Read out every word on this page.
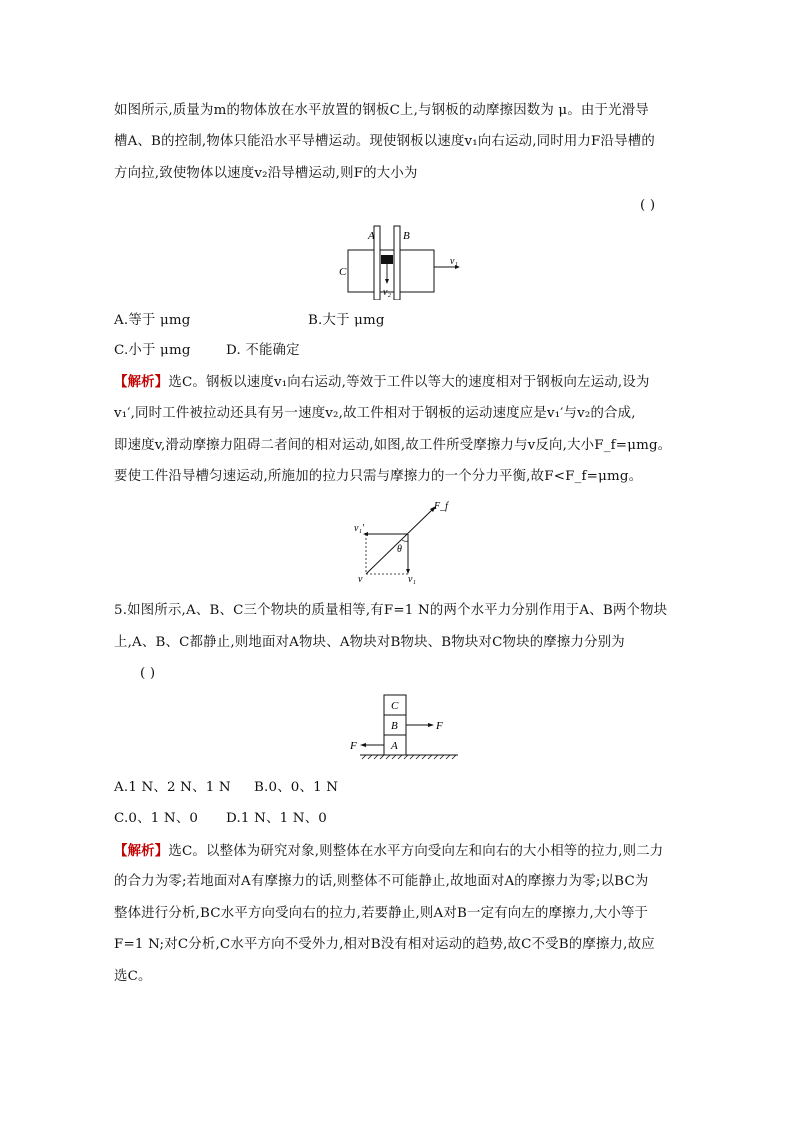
如图所示,质量为m的物体放在水平放置的钢板C上,与钢板的动摩擦因数为 μ。由于光滑导
槽A、B的控制,物体只能沿水平导槽运动。现使钢板以速度v₁向右运动,同时用力F沿导槽的
方向拉,致使物体以速度v₂沿导槽运动,则F的大小为
( )
A	B
C
v₁
v₂
A.等于 μmg	B.大于 μmg
C.小于 μmg	D. 不能确定
【解析】选C。钢板以速度v₁向右运动,等效于工件以等大的速度相对于钢板向左运动,设为
v₁′,同时工件被拉动还具有另一速度v₂,故工件相对于钢板的运动速度应是v₁′与v₂的合成,
即速度v,滑动摩擦力阻碍二者间的相对运动,如图,故工件所受摩擦力与v反向,大小F_f=μmg。
要使工件沿导槽匀速运动,所施加的拉力只需与摩擦力的一个分力平衡,故F<F_f=μmg。
F_f
v₁′
θ
v	v₁
5.如图所示,A、B、C三个物块的质量相等,有F=1 N的两个水平力分别作用于A、B两个物块
上,A、B、C都静止,则地面对A物块、A物块对B物块、B物块对C物块的摩擦力分别为
( )
C
B
A
F
F
A.1 N、2 N、1 N B.0、0、1 N
C.0、1 N、0 D.1 N、1 N、0
【解析】选C。以整体为研究对象,则整体在水平方向受向左和向右的大小相等的拉力,则二力
的合力为零;若地面对A有摩擦力的话,则整体不可能静止,故地面对A的摩擦力为零;以BC为
整体进行分析,BC水平方向受向右的拉力,若要静止,则A对B一定有向左的摩擦力,大小等于
F=1 N;对C分析,C水平方向不受外力,相对B没有相对运动的趋势,故C不受B的摩擦力,故应
选C。
